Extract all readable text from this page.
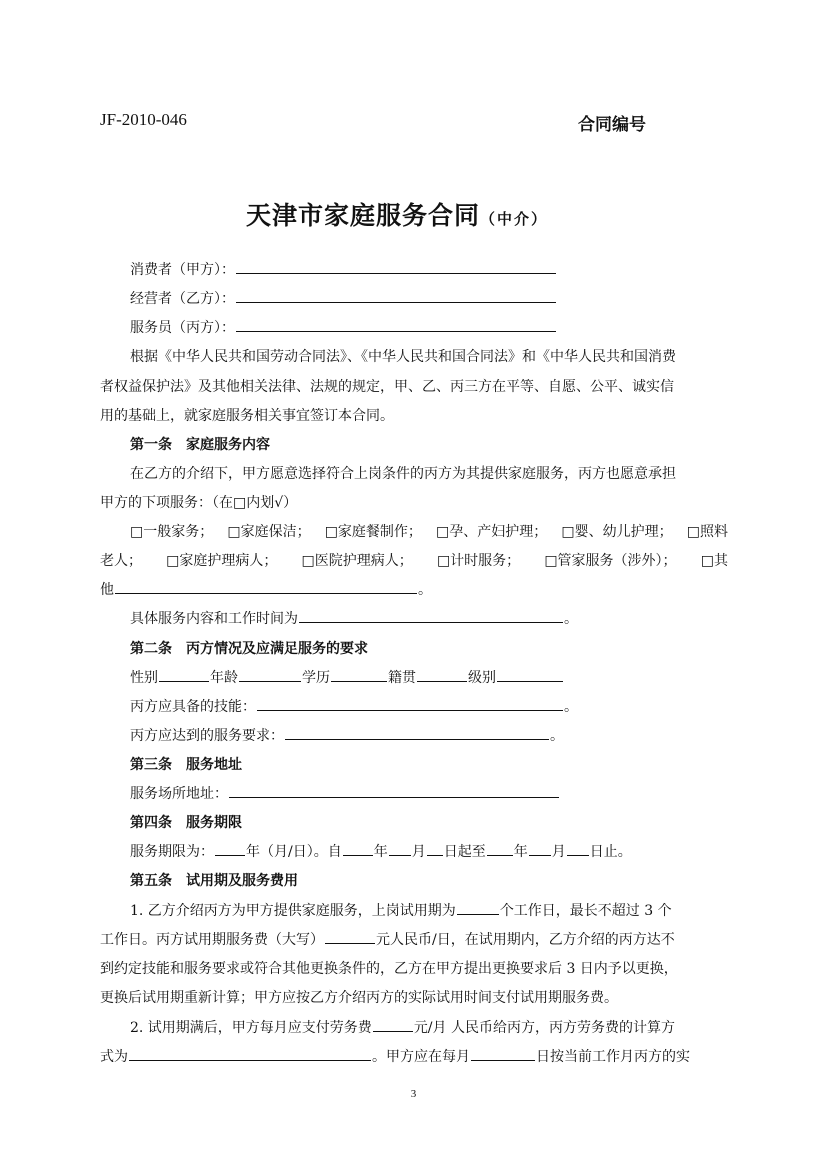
JF-2010-046	合同编号
天津市家庭服务合同（中介）
消费者（甲方）：
经营者（乙方）：
服务员（丙方）：
根据《中华人民共和国劳动合同法》、《中华人民共和国合同法》和《中华人民共和国消费
者权益保护法》及其他相关法律、法规的规定，甲、乙、丙三方在平等、自愿、公平、诚实信
用的基础上，就家庭服务相关事宜签订本合同。
第一条　家庭服务内容
在乙方的介绍下，甲方愿意选择符合上岗条件的丙方为其提供家庭服务，丙方也愿意承担
甲方的下项服务：（在□内划√）
□一般家务； □家庭保洁； □家庭餐制作； □孕、产妇护理； □婴、幼儿护理； □照料
老人； □家庭护理病人； □医院护理病人； □计时服务； □管家服务（涉外）； □其
他	。
具体服务内容和工作时间为	。
第二条　丙方情况及应满足服务的要求
性别	年龄	学历	籍贯	级别
丙方应具备的技能：	。
丙方应达到的服务要求：	。
第三条　服务地址
服务场所地址：
第四条　服务期限
服务期限为： 年（月/日）。自 年 月 日起至 年 月 日止。
第五条　试用期及服务费用
1. 乙方介绍丙方为甲方提供家庭服务，上岗试用期为	个工作日，最长不超过 3 个
工作日。丙方试用期服务费（大写）	元人民币/日，在试用期内，乙方介绍的丙方达不
到约定技能和服务要求或符合其他更换条件的，乙方在甲方提出更换要求后 3 日内予以更换，
更换后试用期重新计算；甲方应按乙方介绍丙方的实际试用时间支付试用期服务费。
2. 试用期满后，甲方每月应支付劳务费	元/月 人民币给丙方，丙方劳务费的计算方
式为	。甲方应在每月	日按当前工作月丙方的实
3
